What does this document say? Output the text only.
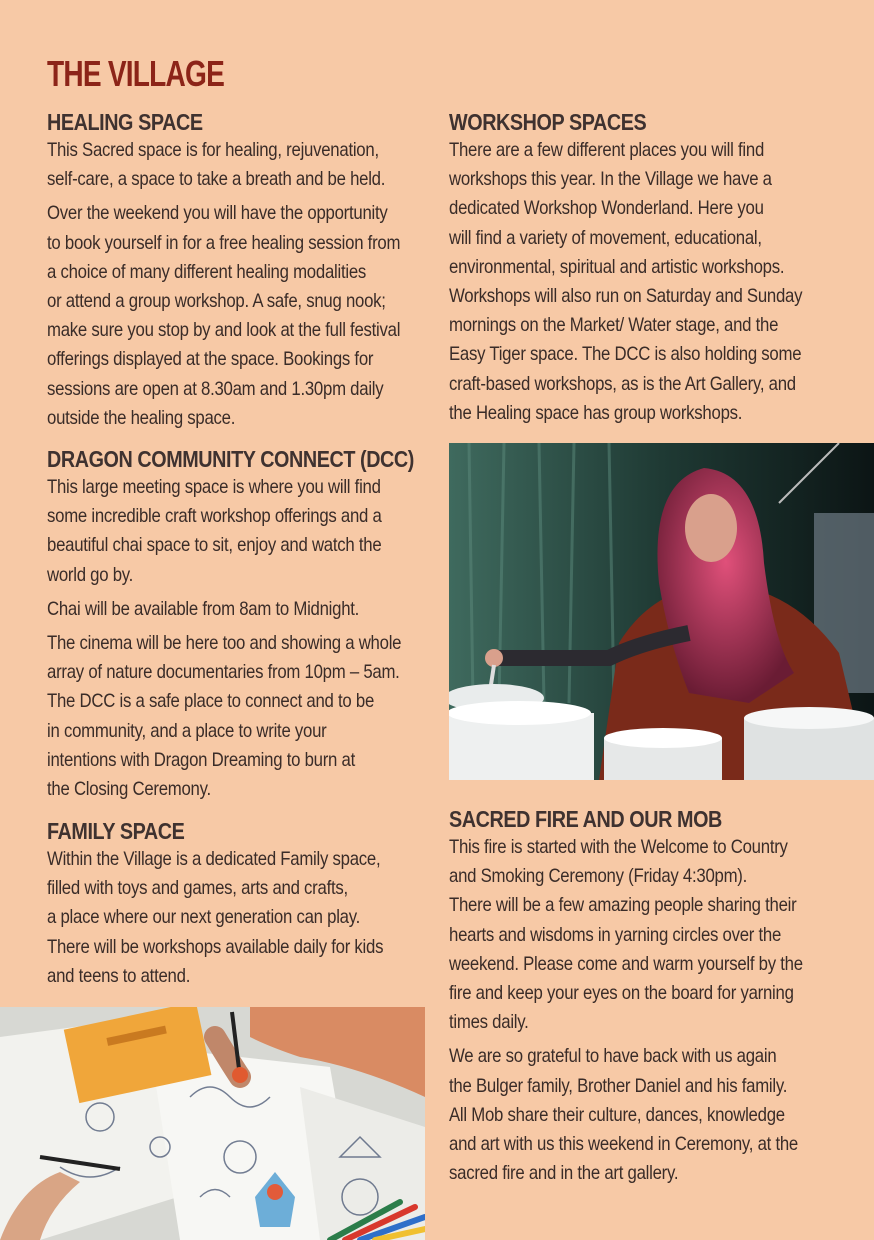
THE VILLAGE
HEALING SPACE

This Sacred space is for healing, rejuvenation,
self-care, a space to take a breath and be held.

Over the weekend you will have the opportunity
to book yourself in for a free healing session from
a choice of many different healing modalities
or attend a group workshop. A safe, snug nook;
make sure you stop by and look at the full festival
offerings displayed at the space. Bookings for
sessions are open at 8.30am and 1.30pm daily
outside the healing space.

DRAGON COMMUNITY CONNECT (DCC)

This large meeting space is where you will find
some incredible craft workshop offerings and a
beautiful chai space to sit, enjoy and watch the
world go by.

Chai will be available from 8am to Midnight.

The cinema will be here too and showing a whole
array of nature documentaries from 10pm – 5am.
The DCC is a safe place to connect and to be
in community, and a place to write your
intentions with Dragon Dreaming to burn at
the Closing Ceremony.

FAMILY SPACE

Within the Village is a dedicated Family space,
filled with toys and games, arts and crafts,
a place where our next generation can play.
There will be workshops available daily for kids
and teens to attend.

WORKSHOP SPACES

There are a few different places you will find
workshops this year. In the Village we have a
dedicated Workshop Wonderland. Here you
will find a variety of movement, educational,
environmental, spiritual and artistic workshops.
Workshops will also run on Saturday and Sunday
mornings on the Market/ Water stage, and the
Easy Tiger space. The DCC is also holding some
craft-based workshops, as is the Art Gallery, and
the Healing space has group workshops.

SACRED FIRE AND OUR MOB

This fire is started with the Welcome to Country
and Smoking Ceremony (Friday 4:30pm).
There will be a few amazing people sharing their
hearts and wisdoms in yarning circles over the
weekend. Please come and warm yourself by the
fire and keep your eyes on the board for yarning
times daily.

We are so grateful to have back with us again
the Bulger family, Brother Daniel and his family.
All Mob share their culture, dances, knowledge
and art with us this weekend in Ceremony, at the
sacred fire and in the art gallery.
